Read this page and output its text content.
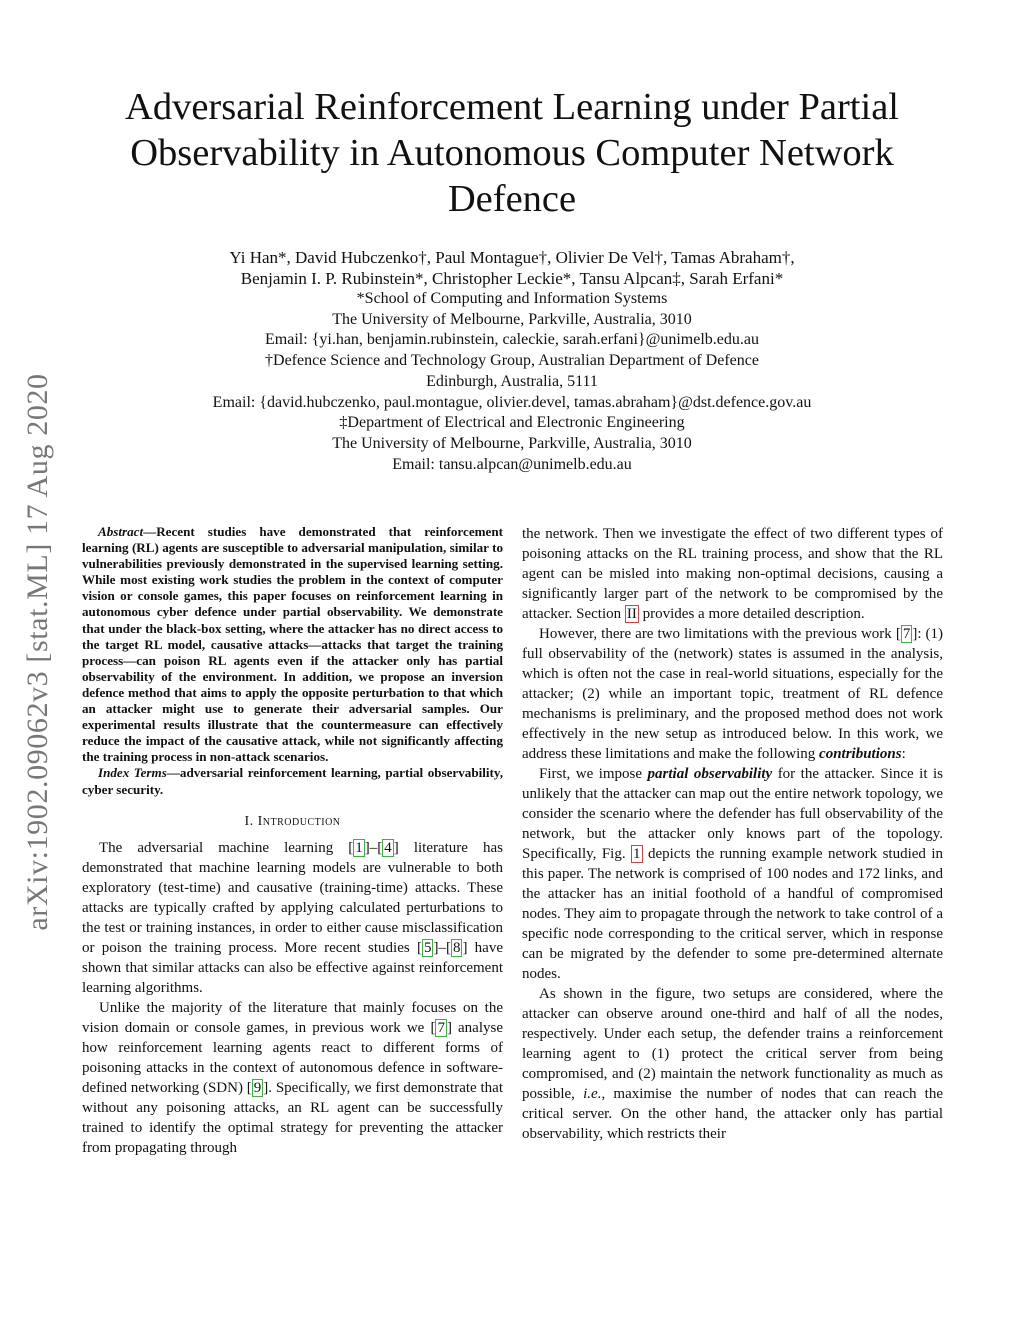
arXiv:1902.09062v3 [stat.ML] 17 Aug 2020
Adversarial Reinforcement Learning under Partial
Observability in Autonomous Computer Network
Defence
Yi Han*, David Hubczenko†, Paul Montague†, Olivier De Vel†, Tamas Abraham†,
Benjamin I. P. Rubinstein*, Christopher Leckie*, Tansu Alpcan‡, Sarah Erfani*
*School of Computing and Information Systems
The University of Melbourne, Parkville, Australia, 3010
Email: {yi.han, benjamin.rubinstein, caleckie, sarah.erfani}@unimelb.edu.au
†Defence Science and Technology Group, Australian Department of Defence
Edinburgh, Australia, 5111
Email: {david.hubczenko, paul.montague, olivier.devel, tamas.abraham}@dst.defence.gov.au
‡Department of Electrical and Electronic Engineering
The University of Melbourne, Parkville, Australia, 3010
Email: tansu.alpcan@unimelb.edu.au

Abstract—Recent studies have demonstrated that reinforcement learning (RL) agents are susceptible to adversarial manipulation, similar to vulnerabilities previously demonstrated in the supervised learning setting. While most existing work studies the problem in the context of computer vision or console games, this paper focuses on reinforcement learning in autonomous cyber defence under partial observability. We demonstrate that under the black-box setting, where the attacker has no direct access to the target RL model, causative attacks—attacks that target the training process—can poison RL agents even if the attacker only has partial observability of the environment. In addition, we propose an inversion defence method that aims to apply the opposite perturbation to that which an attacker might use to generate their adversarial samples. Our experimental results illustrate that the countermeasure can effectively reduce the impact of the causative attack, while not significantly affecting the training process in non-attack scenarios.

Index Terms—adversarial reinforcement learning, partial observability, cyber security.

I. Introduction

The adversarial machine learning [ 1 ]–[ 4 ] literature has demonstrated that machine learning models are vulnerable to both exploratory (test-time) and causative (training-time) attacks. These attacks are typically crafted by applying calculated perturbations to the test or training instances, in order to either cause misclassification or poison the training process. More recent studies [ 5 ]–[ 8 ] have shown that similar attacks can also be effective against reinforcement learning algorithms.

Unlike the majority of the literature that mainly focuses on the vision domain or console games, in previous work we [ 7 ] analyse how reinforcement learning agents react to different forms of poisoning attacks in the context of autonomous defence in software-defined networking (SDN) [ 9 ]. Specifically, we first demonstrate that without any poisoning attacks, an RL agent can be successfully trained to identify the optimal strategy for preventing the attacker from propagating through

the network. Then we investigate the effect of two different types of poisoning attacks on the RL training process, and show that the RL agent can be misled into making non-optimal decisions, causing a significantly larger part of the network to be compromised by the attacker. Section II provides a more detailed description.

However, there are two limitations with the previous work [ 7 ]: (1) full observability of the (network) states is assumed in the analysis, which is often not the case in real-world situations, especially for the attacker; (2) while an important topic, treatment of RL defence mechanisms is preliminary, and the proposed method does not work effectively in the new setup as introduced below. In this work, we address these limitations and make the following contributions:

First, we impose partial observability for the attacker. Since it is unlikely that the attacker can map out the entire network topology, we consider the scenario where the defender has full observability of the network, but the attacker only knows part of the topology. Specifically, Fig. 1 depicts the running example network studied in this paper. The network is comprised of 100 nodes and 172 links, and the attacker has an initial foothold of a handful of compromised nodes. They aim to propagate through the network to take control of a specific node corresponding to the critical server, which in response can be migrated by the defender to some pre-determined alternate nodes.

As shown in the figure, two setups are considered, where the attacker can observe around one-third and half of all the nodes, respectively. Under each setup, the defender trains a reinforcement learning agent to (1) protect the critical server from being compromised, and (2) maintain the network functionality as much as possible, i.e., maximise the number of nodes that can reach the critical server. On the other hand, the attacker only has partial observability, which restricts their
